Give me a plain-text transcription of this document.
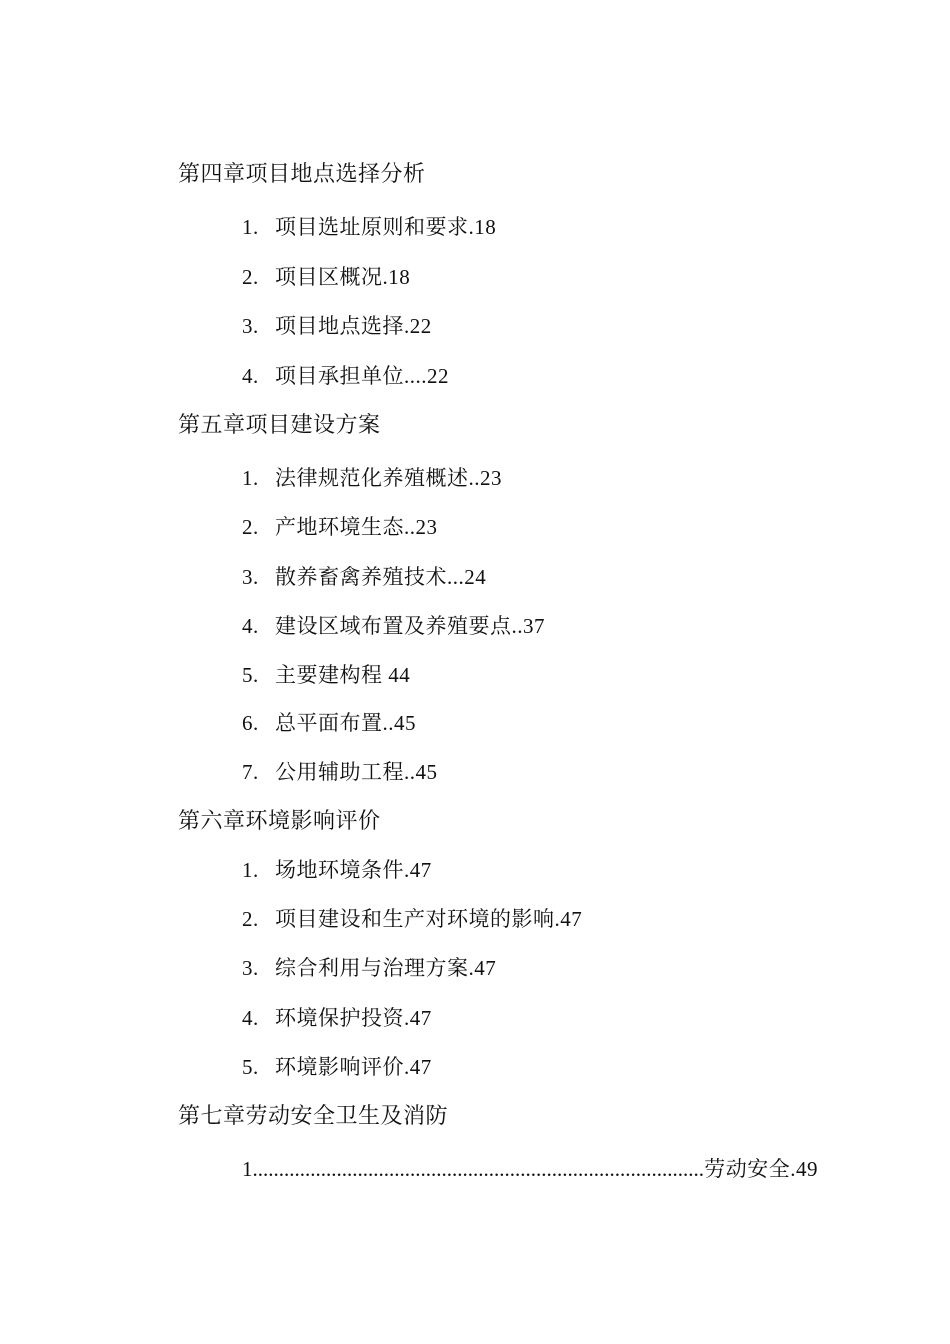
第四章项目地点选择分析
1. 项目选址原则和要求.18
2. 项目区概况.18
3. 项目地点选择.22
4. 项目承担单位....22
第五章项目建设方案
1. 法律规范化养殖概述..23
2. 产地环境生态..23
3. 散养畜禽养殖技术...24
4. 建设区域布置及养殖要点..37
5. 主要建构程 44
6. 总平面布置..45
7. 公用辅助工程..45
第六章环境影响评价
1. 场地环境条件.47
2. 项目建设和生产对环境的影响.47
3. 综合利用与治理方案.47
4. 环境保护投资.47
5. 环境影响评价.47
第七章劳动安全卫生及消防
1
.....	劳动安全.49
